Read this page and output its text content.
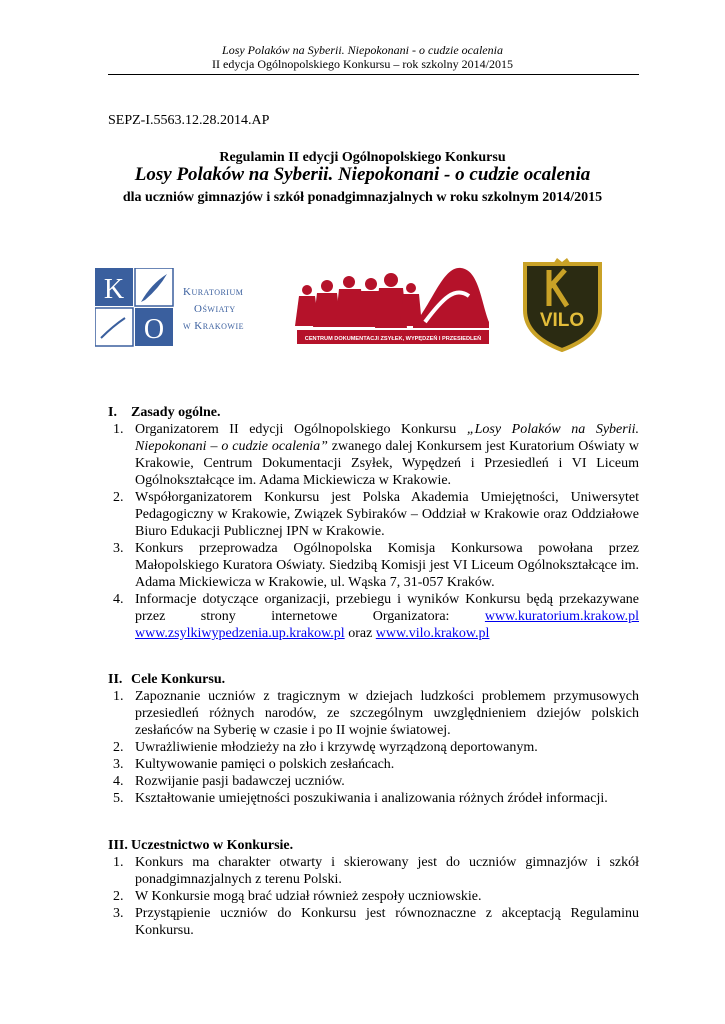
Losy Polaków na Syberii. Niepokonani - o cudzie ocalenia
II edycja Ogólnopolskiego Konkursu – rok szkolny 2014/2015
SEPZ-I.5563.12.28.2014.AP
Regulamin II edycji Ogólnopolskiego Konkursu
Losy Polaków na Syberii. Niepokonani - o cudzie ocalenia
dla uczniów gimnazjów i szkół ponadgimnazjalnych w roku szkolnym 2014/2015
K
O
Kuratorium
Oświaty
w Krakowie
CENTRUM DOKUMENTACJI ZSYŁEK, WYPĘDZEŃ I PRZESIEDLEŃ
VILO
I. Zasady ogólne.
1. Organizatorem II edycji Ogólnopolskiego Konkursu „Losy Polaków na Syberii. Niepokonani – o cudzie ocalenia” zwanego dalej Konkursem jest Kuratorium Oświaty w Krakowie, Centrum Dokumentacji Zsyłek, Wypędzeń i Przesiedleń i VI Liceum Ogólnokształcące im. Adama Mickiewicza w Krakowie.
2. Współorganizatorem Konkursu jest Polska Akademia Umiejętności, Uniwersytet Pedagogiczny w Krakowie, Związek Sybiraków – Oddział w Krakowie oraz Oddziałowe Biuro Edukacji Publicznej IPN w Krakowie.
3. Konkurs przeprowadza Ogólnopolska Komisja Konkursowa powołana przez Małopolskiego Kuratora Oświaty. Siedzibą Komisji jest VI Liceum Ogólnokształcące im. Adama Mickiewicza w Krakowie, ul. Wąska 7, 31-057 Kraków.
4. Informacje dotyczące organizacji, przebiegu i wyników Konkursu będą przekazywane przez strony internetowe Organizatora: www.kuratorium.krakow.pl www.zsylkiwypedzenia.up.krakow.pl oraz www.vilo.krakow.pl
II. Cele Konkursu.
1. Zapoznanie uczniów z tragicznym w dziejach ludzkości problemem przymusowych przesiedleń różnych narodów, ze szczególnym uwzględnieniem dziejów polskich zesłańców na Syberię w czasie i po II wojnie światowej.
2. Uwrażliwienie młodzieży na zło i krzywdę wyrządzoną deportowanym.
3. Kultywowanie pamięci o polskich zesłańcach.
4. Rozwijanie pasji badawczej uczniów.
5. Kształtowanie umiejętności poszukiwania i analizowania różnych źródeł informacji.
III. Uczestnictwo w Konkursie.
1. Konkurs ma charakter otwarty i skierowany jest do uczniów gimnazjów i szkół ponadgimnazjalnych z terenu Polski.
2. W Konkursie mogą brać udział również zespoły uczniowskie.
3. Przystąpienie uczniów do Konkursu jest równoznaczne z akceptacją Regulaminu Konkursu.
